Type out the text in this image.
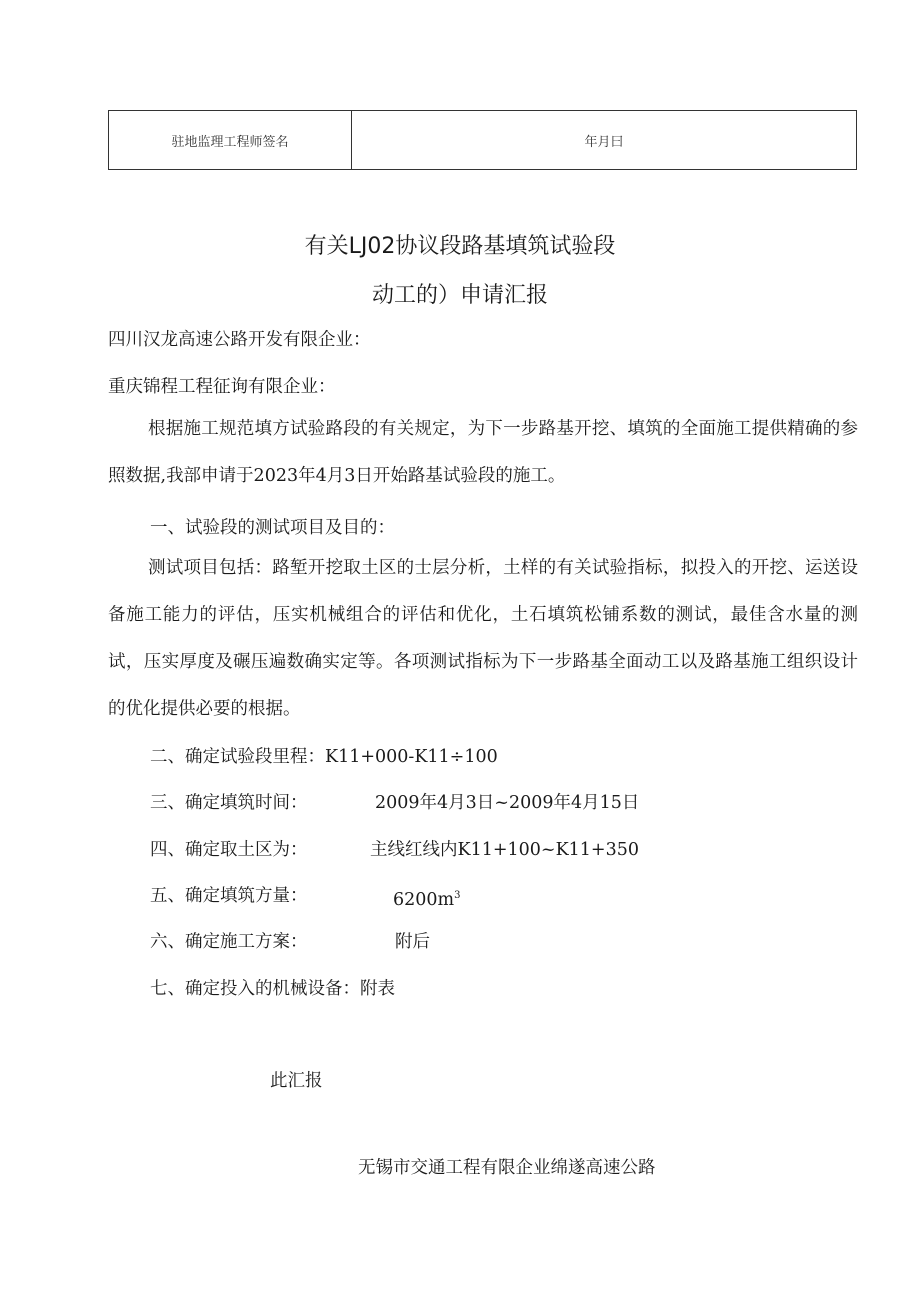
驻地监理工程师签名	年月曰
有关LJ02协议段路基填筑试验段
动工的）申请汇报
四川汉龙高速公路开发有限企业：
重庆锦程工程征询有限企业：
根据施工规范填方试验路段的有关规定，为下一步路基开挖、填筑的全面施工提供精确的参照数据,我部申请于2023年4月3日开始路基试验段的施工。
一、试验段的测试项目及目的：
测试项目包括：路堑开挖取土区的士层分析，土样的有关试验指标，拟投入的开挖、运送设备施工能力的评估，压实机械组合的评估和优化，土石填筑松铺系数的测试，最佳含水量的测试，压实厚度及碾压遍数确实定等。各项测试指标为下一步路基全面动工以及路基施工组织设计的优化提供必要的根据。
二、确定试验段里程：K11+000-K11÷100
三、确定填筑时间：	2009年4月3日~2009年4月15日
四、确定取土区为：	主线红线内K11+100~K11+350
五、确定填筑方量：	$6200m^3$
六、确定施工方案：	附后
七、确定投入的机械设备：附表
此汇报
无锡市交通工程有限企业绵遂高速公路
